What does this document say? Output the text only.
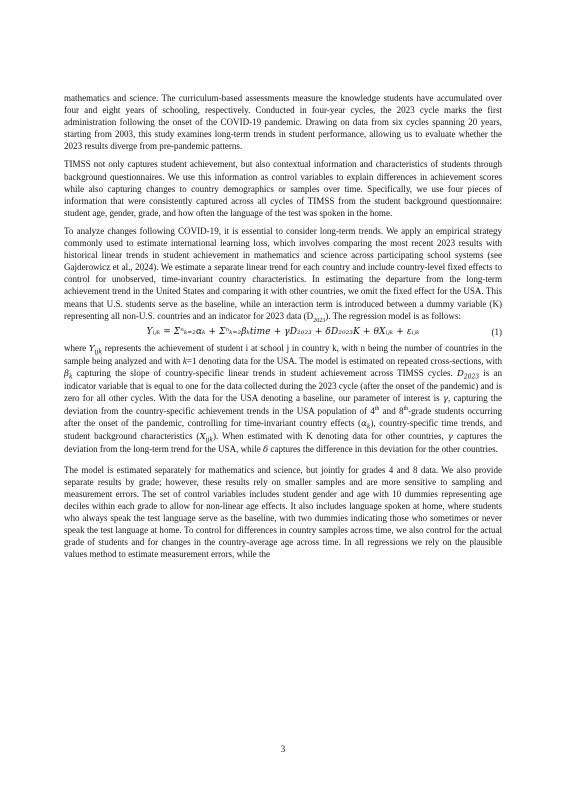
mathematics and science. The curriculum-based assessments measure the knowledge students have accumulated over four and eight years of schooling, respectively. Conducted in four-year cycles, the 2023 cycle marks the first administration following the onset of the COVID-19 pandemic. Drawing on data from six cycles spanning 20 years, starting from 2003, this study examines long-term trends in student performance, allowing us to evaluate whether the 2023 results diverge from pre-pandemic patterns.

TIMSS not only captures student achievement, but also contextual information and characteristics of students through background questionnaires. We use this information as control variables to explain differences in achievement scores while also capturing changes to country demographics or samples over time. Specifically, we use four pieces of information that were consistently captured across all cycles of TIMSS from the student background questionnaire: student age, gender, grade, and how often the language of the test was spoken in the home.

To analyze changes following COVID-19, it is essential to consider long-term trends. We apply an empirical strategy commonly used to estimate international learning loss, which involves comparing the most recent 2023 results with historical linear trends in student achievement in mathematics and science across participating school systems (see Gajderowicz et al., 2024). We estimate a separate linear trend for each country and include country-level fixed effects to control for unobserved, time-invariant country characteristics. In estimating the departure from the long-term achievement trend in the United States and comparing it with other countries, we omit the fixed effect for the USA. This means that U.S. students serve as the baseline, while an interaction term is introduced between a dummy variable (K) representing all non-U.S. countries and an indicator for 2023 data $(D_{2023})$. The regression model is as follows:

Yᵢⱼₖ = Σⁿₖ₌₂αₖ + Σⁿₖ₌₂βₖtime + γD₂₀₂₃ + δD₂₀₂₃K + θXᵢⱼₖ + εᵢⱼₖ	(1)

where $Y_{ijk}$ represents the achievement of student i at school j in country k, with n being the number of countries in the sample being analyzed and with k=1 denoting data for the USA. The model is estimated on repeated cross-sections, with $\beta_k$ capturing the slope of country-specific linear trends in student achievement across TIMSS cycles. $D_{2023}$ is an indicator variable that is equal to one for the data collected during the 2023 cycle (after the onset of the pandemic) and is zero for all other cycles. With the data for the USA denoting a baseline, our parameter of interest is γ, capturing the deviation from the country-specific achievement trends in the USA population of 4th and 8th-grade students occurring after the onset of the pandemic, controlling for time-invariant country effects $(\alpha_k)$, country-specific time trends, and student background characteristics $(X_{ijk})$. When estimated with K denoting data for other countries, γ captures the deviation from the long-term trend for the USA, while δ captures the difference in this deviation for the other countries.

The model is estimated separately for mathematics and science, but jointly for grades 4 and 8 data. We also provide separate results by grade; however, these results rely on smaller samples and are more sensitive to sampling and measurement errors. The set of control variables includes student gender and age with 10 dummies representing age deciles within each grade to allow for non-linear age effects. It also includes language spoken at home, where students who always speak the test language serve as the baseline, with two dummies indicating those who sometimes or never speak the test language at home. To control for differences in country samples across time, we also control for the actual grade of students and for changes in the country-average age across time. In all regressions we rely on the plausible values method to estimate measurement errors, while the

3
